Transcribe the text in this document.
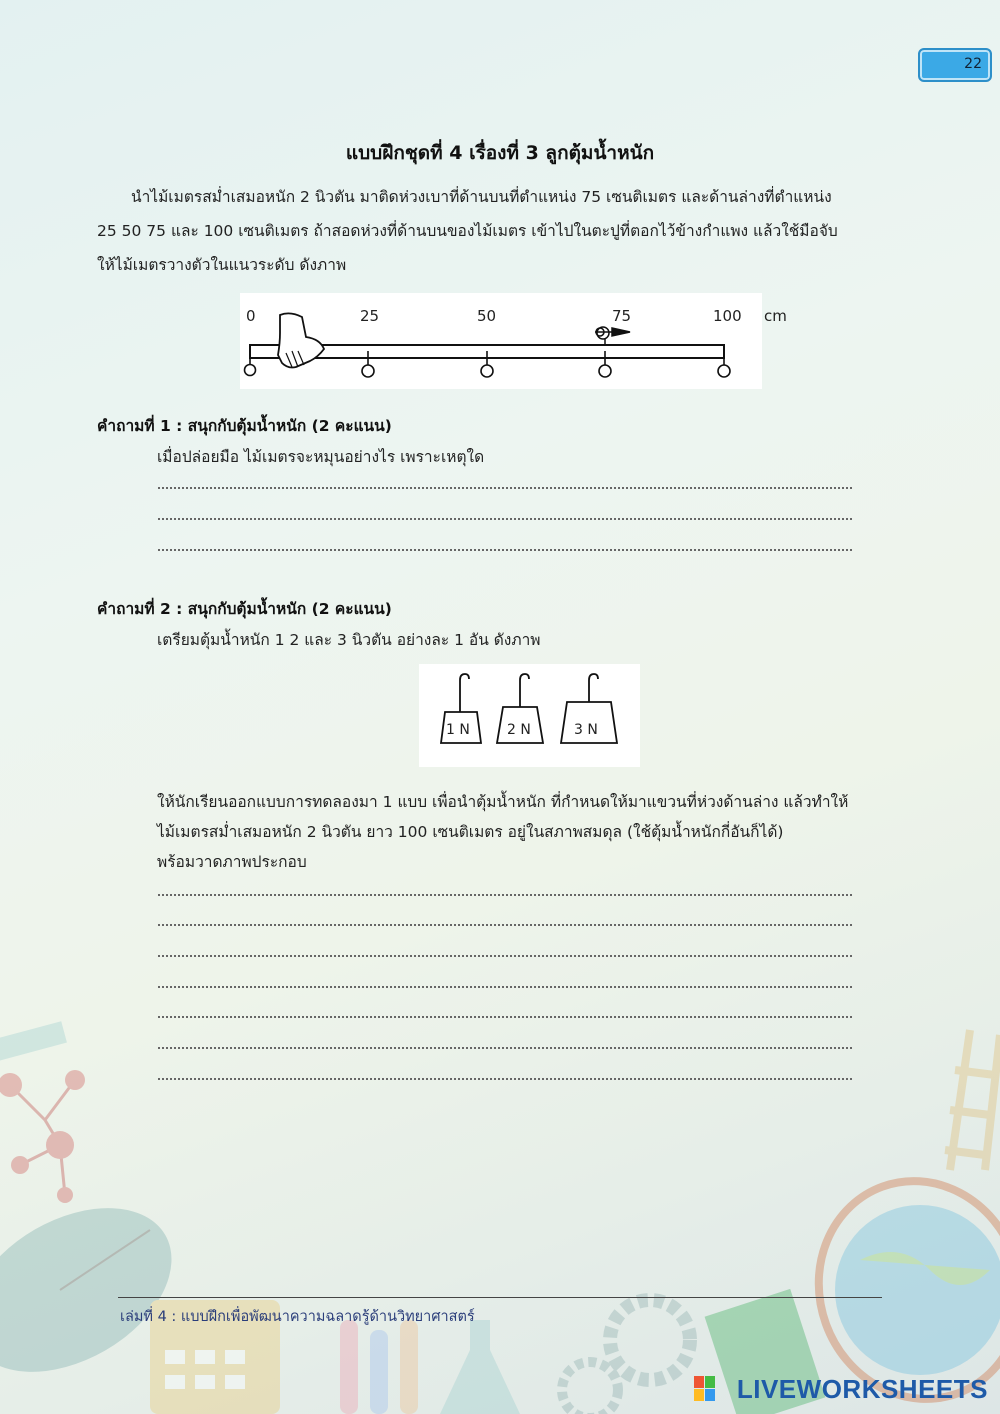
22
แบบฝึกชุดที่ 4 เรื่องที่ 3 ลูกตุ้มน้ำหนัก
นำไม้เมตรสม่ำเสมอหนัก 2 นิวตัน มาติดห่วงเบาที่ด้านบนที่ตำแหน่ง 75 เซนติเมตร และด้านล่างที่ตำแหน่ง
25 50 75 และ 100 เซนติเมตร ถ้าสอดห่วงที่ด้านบนของไม้เมตร เข้าไปในตะปูที่ตอกไว้ข้างกำแพง แล้วใช้มือจับ
ให้ไม้เมตรวางตัวในแนวระดับ ดังภาพ
0	25	50	75	100 cm
คำถามที่ 1 : สนุกกับตุ้มน้ำหนัก (2 คะแนน)
เมื่อปล่อยมือ ไม้เมตรจะหมุนอย่างไร เพราะเหตุใด
คำถามที่ 2 : สนุกกับตุ้มน้ำหนัก (2 คะแนน)
เตรียมตุ้มน้ำหนัก 1 2 และ 3 นิวตัน อย่างละ 1 อัน ดังภาพ
1 N	2 N	3 N
ให้นักเรียนออกแบบการทดลองมา 1 แบบ เพื่อนำตุ้มน้ำหนัก ที่กำหนดให้มาแขวนที่ห่วงด้านล่าง แล้วทำให้
ไม้เมตรสม่ำเสมอหนัก 2 นิวตัน ยาว 100 เซนติเมตร อยู่ในสภาพสมดุล (ใช้ตุ้มน้ำหนักกี่อันก็ได้)
พร้อมวาดภาพประกอบ
เล่มที่ 4 : แบบฝึกเพื่อพัฒนาความฉลาดรู้ด้านวิทยาศาสตร์
LIVEWORKSHEETS
